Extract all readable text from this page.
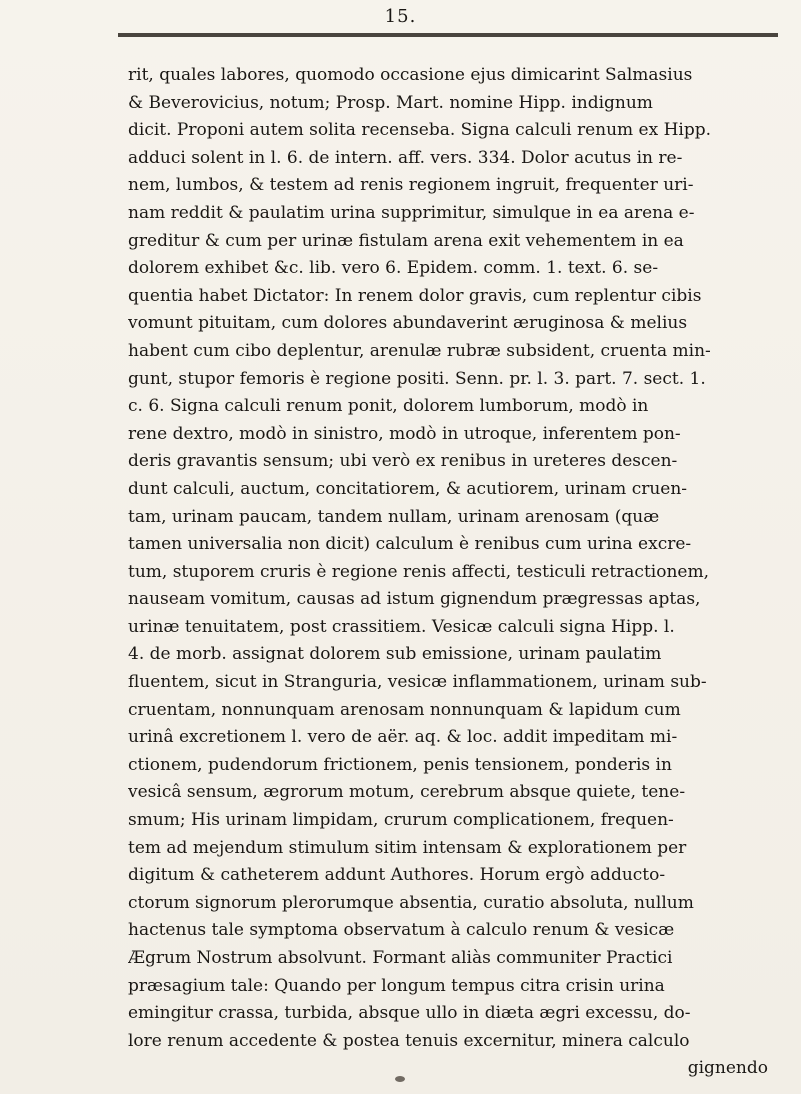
15.
rit, quales labores, quomodo occasione ejus dimicarint Salmasius
& Beverovicius, notum; Prosp. Mart. nomine Hipp. indignum
dicit. Proponi autem solita recenseba. Signa calculi renum ex Hipp.
adduci solent in l. 6. de intern. aff. vers. 334. Dolor acutus in re-
nem, lumbos, & testem ad renis regionem ingruit, frequenter uri-
nam reddit & paulatim urina supprimitur, simulque in ea arena e-
greditur & cum per urinæ fistulam arena exit vehementem in ea
dolorem exhibet &c. lib. vero 6. Epidem. comm. 1. text. 6. se-
quentia habet Dictator: In renem dolor gravis, cum replentur cibis
vomunt pituitam, cum dolores abundaverint æruginosa & melius
habent cum cibo deplentur, arenulæ rubræ subsident, cruenta min-
gunt, stupor femoris è regione positi. Senn. pr. l. 3. part. 7. sect. 1.
c. 6. Signa calculi renum ponit, dolorem lumborum, modò in
rene dextro, modò in sinistro, modò in utroque, inferentem pon-
deris gravantis sensum; ubi verò ex renibus in ureteres descen-
dunt calculi, auctum, concitatiorem, & acutiorem, urinam cruen-
tam, urinam paucam, tandem nullam, urinam arenosam (quæ
tamen universalia non dicit) calculum è renibus cum urina excre-
tum, stuporem cruris è regione renis affecti, testiculi retractionem,
nauseam vomitum, causas ad istum gignendum prægressas aptas,
urinæ tenuitatem, post crassitiem. Vesicæ calculi signa Hipp. l.
4. de morb. assignat dolorem sub emissione, urinam paulatim
fluentem, sicut in Stranguria, vesicæ inflammationem, urinam sub-
cruentam, nonnunquam arenosam nonnunquam & lapidum cum
urinâ excretionem l. vero de aër. aq. & loc. addit impeditam mi-
ctionem, pudendorum frictionem, penis tensionem, ponderis in
vesicâ sensum, ægrorum motum, cerebrum absque quiete, tene-
smum; His urinam limpidam, crurum complicationem, frequen-
tem ad mejendum stimulum sitim intensam & explorationem per
digitum & catheterem addunt Authores. Horum ergò adducto-
ctorum signorum plerorumque absentia, curatio absoluta, nullum
hactenus tale symptoma observatum à calculo renum & vesicæ
Ægrum Nostrum absolvunt. Formant aliàs communiter Practici
præsagium tale: Quando per longum tempus citra crisin urina
emingitur crassa, turbida, absque ullo in diæta ægri excessu, do-
lore renum accedente & postea tenuis excernitur, minera calculo
gignendo
